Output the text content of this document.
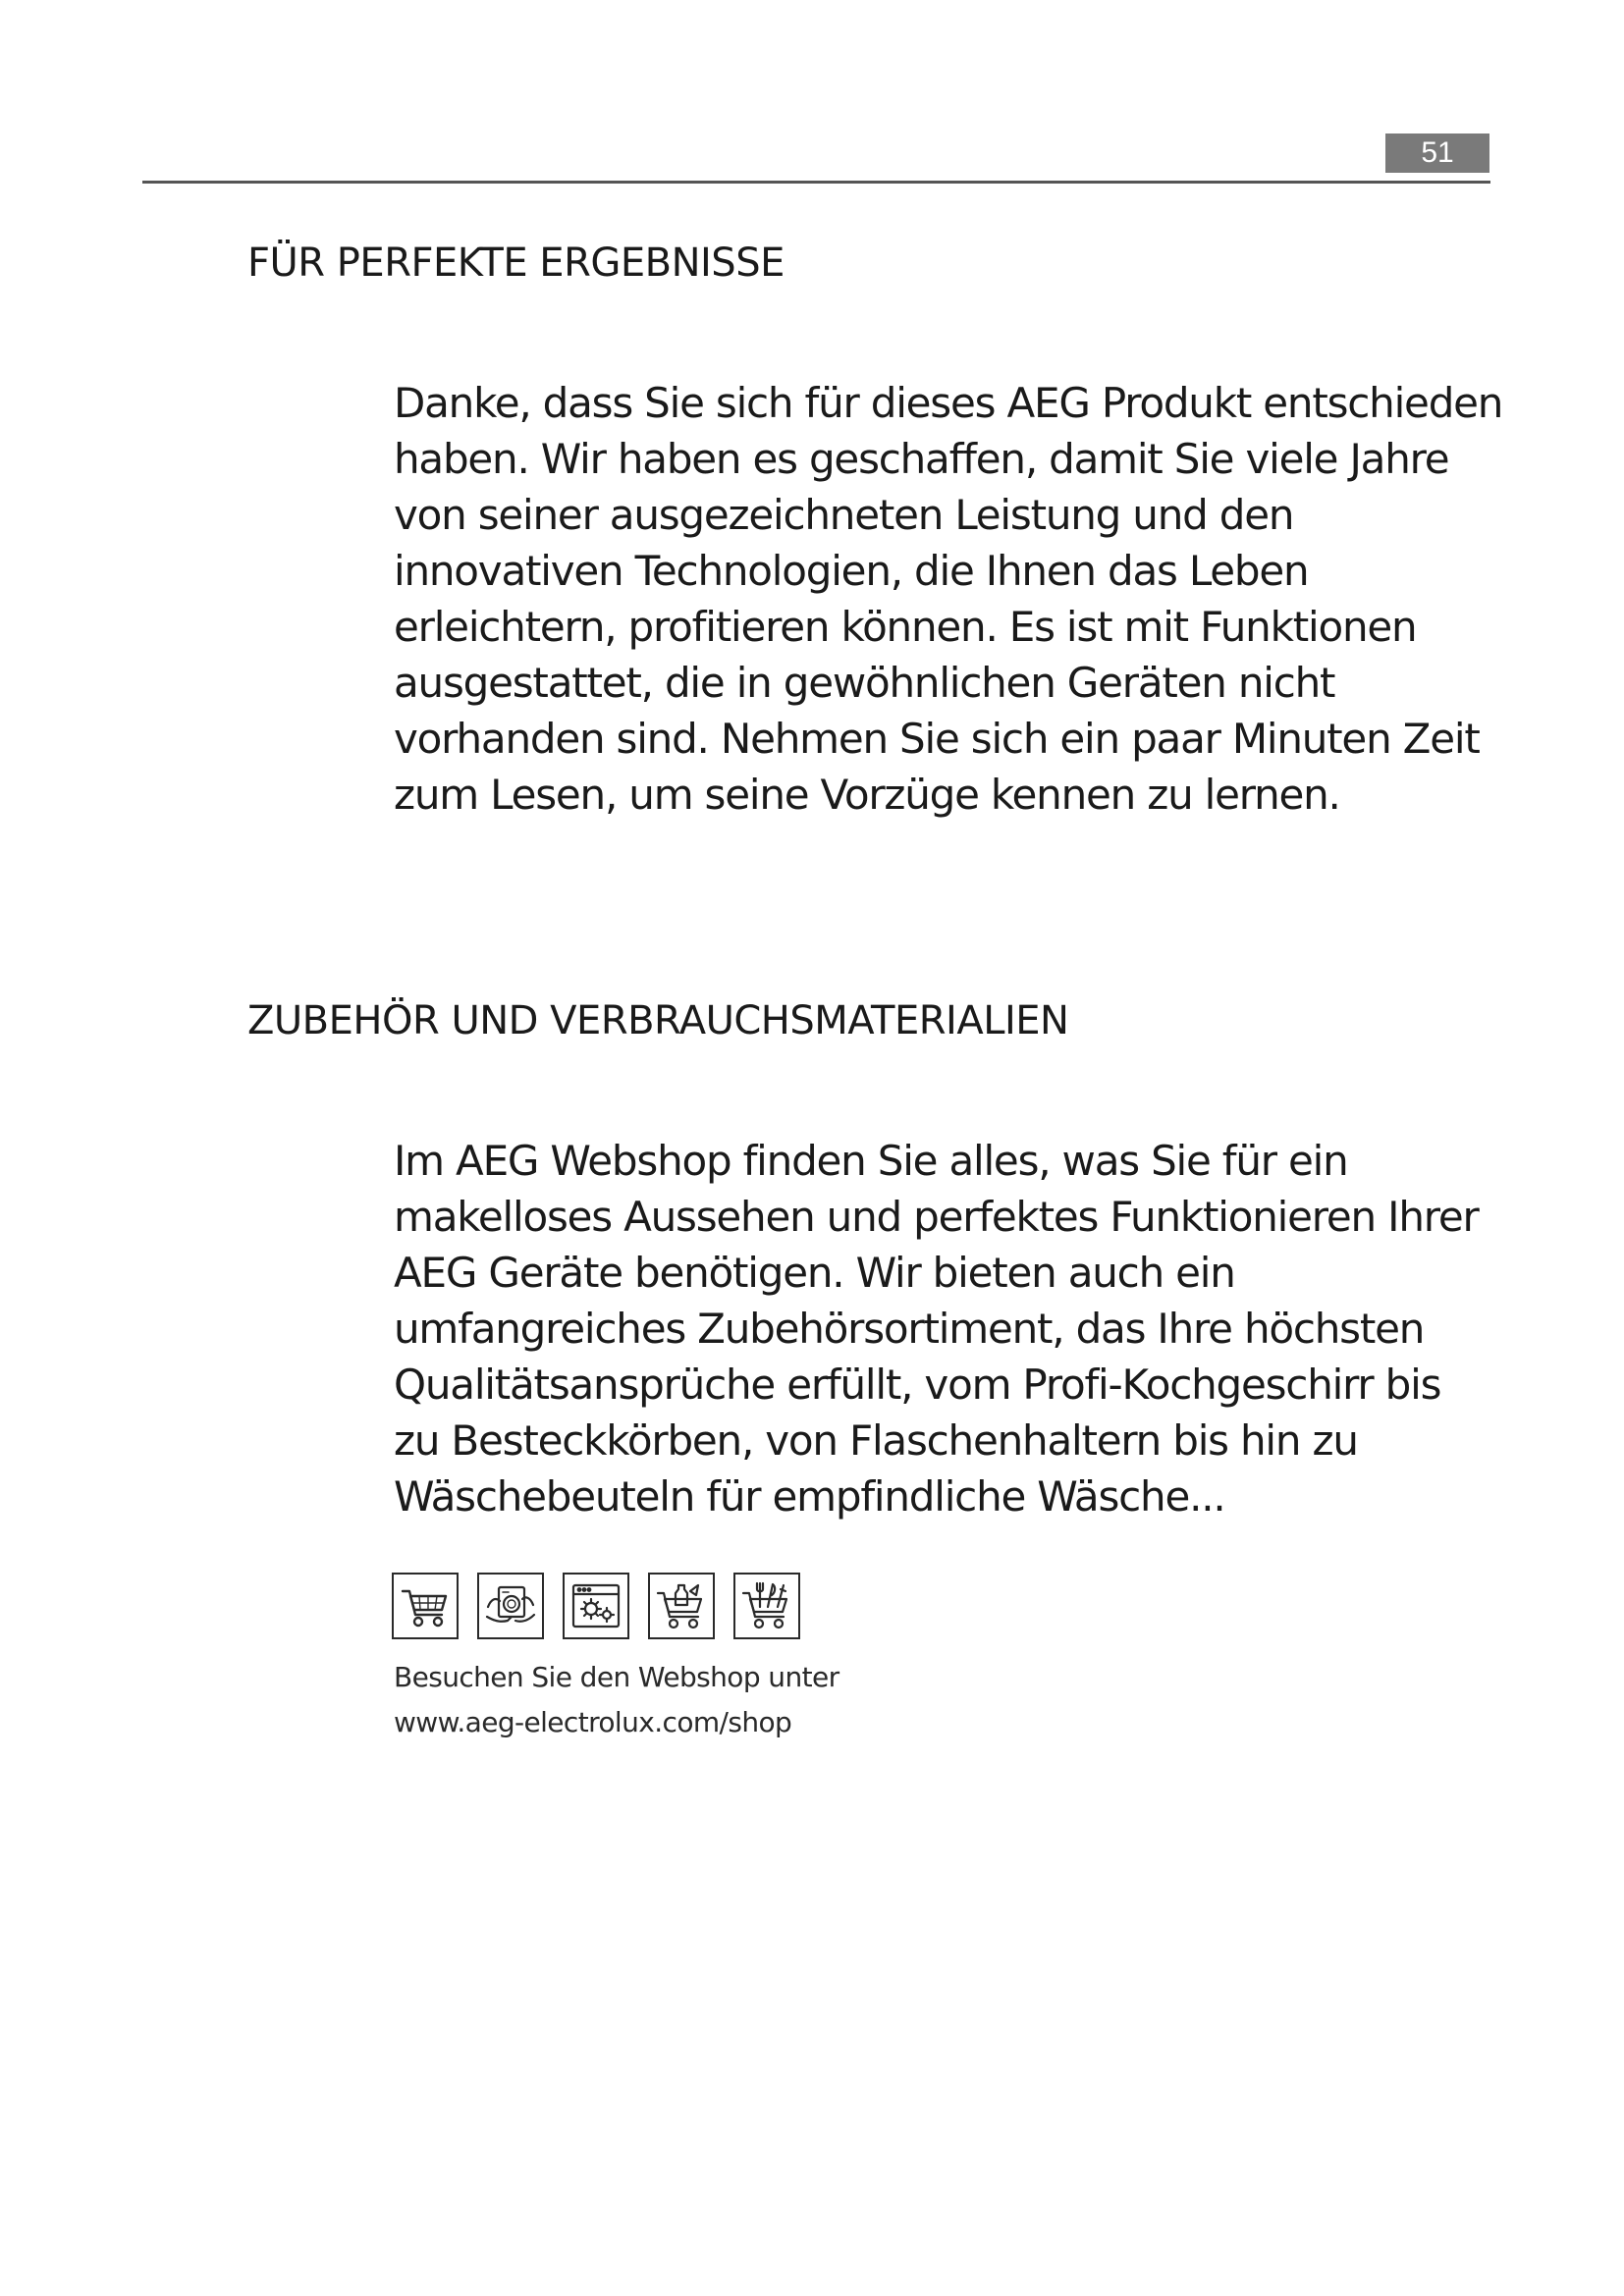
51
FÜR PERFEKTE ERGEBNISSE

Danke, dass Sie sich für dieses AEG Produkt entschieden
haben. Wir haben es geschaffen, damit Sie viele Jahre
von seiner ausgezeichneten Leistung und den
innovativen Technologien, die Ihnen das Leben
erleichtern, profitieren können. Es ist mit Funktionen
ausgestattet, die in gewöhnlichen Geräten nicht
vorhanden sind. Nehmen Sie sich ein paar Minuten Zeit
zum Lesen, um seine Vorzüge kennen zu lernen.

ZUBEHÖR UND VERBRAUCHSMATERIALIEN

Im AEG Webshop finden Sie alles, was Sie für ein
makelloses Aussehen und perfektes Funktionieren Ihrer
AEG Geräte benötigen. Wir bieten auch ein
umfangreiches Zubehörsortiment, das Ihre höchsten
Qualitätsansprüche erfüllt, vom Profi-Kochgeschirr bis
zu Besteckkörben, von Flaschenhaltern bis hin zu
Wäschebeuteln für empfindliche Wäsche...

Besuchen Sie den Webshop unter
www.aeg-electrolux.com/shop
